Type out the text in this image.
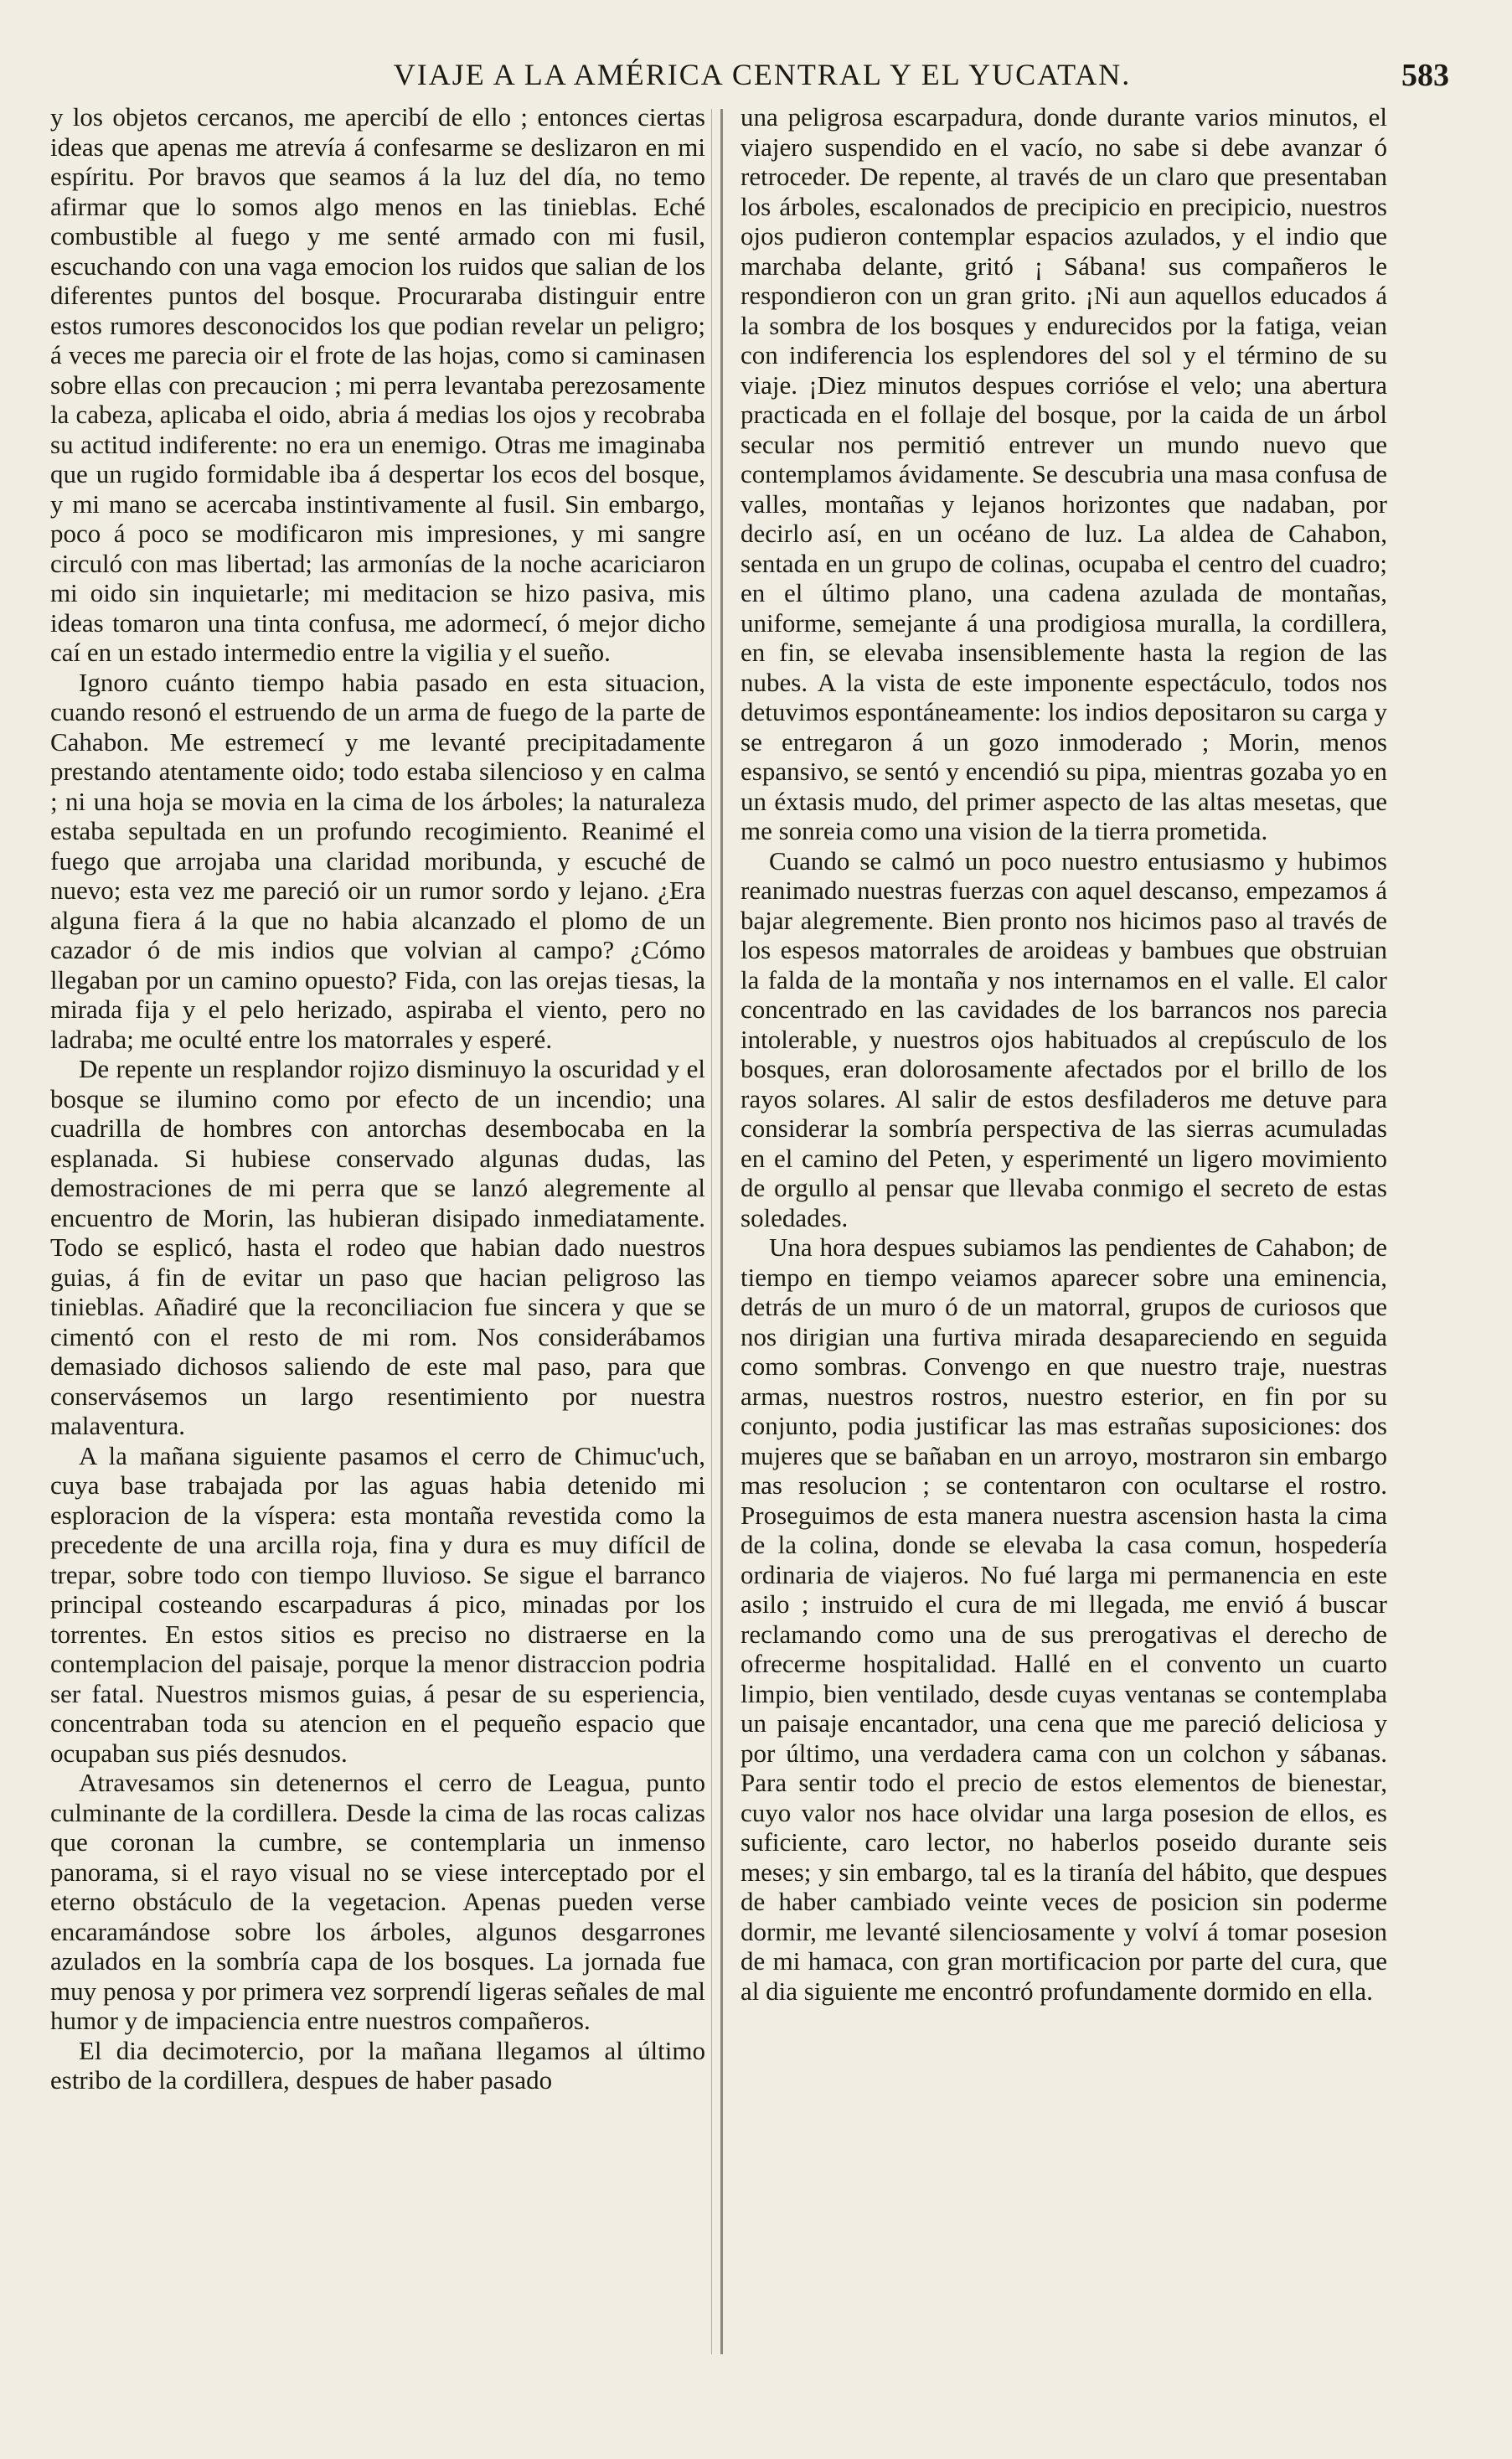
VIAJE A LA AMÉRICA CENTRAL Y EL YUCATAN.	583

y los objetos cercanos, me apercibí de ello ; entonces ciertas ideas que apenas me atrevía á confesarme se deslizaron en mi espíritu. Por bravos que seamos á la luz del día, no temo afirmar que lo somos algo menos en las tinieblas. Eché combustible al fuego y me senté armado con mi fusil, escuchando con una vaga emocion los ruidos que salian de los diferentes puntos del bosque. Procuraraba distinguir entre estos rumores desconocidos los que podian revelar un peligro; á veces me parecia oir el frote de las hojas, como si caminasen sobre ellas con precaucion ; mi perra levantaba perezosamente la cabeza, aplicaba el oido, abria á medias los ojos y recobraba su actitud indiferente: no era un enemigo. Otras me imaginaba que un rugido formidable iba á despertar los ecos del bosque, y mi mano se acercaba instintivamente al fusil. Sin embargo, poco á poco se modificaron mis impresiones, y mi sangre circuló con mas libertad; las armonías de la noche acariciaron mi oido sin inquietarle; mi meditacion se hizo pasiva, mis ideas tomaron una tinta confusa, me adormecí, ó mejor dicho caí en un estado intermedio entre la vigilia y el sueño.

Ignoro cuánto tiempo habia pasado en esta situacion, cuando resonó el estruendo de un arma de fuego de la parte de Cahabon. Me estremecí y me levanté precipitadamente prestando atentamente oido; todo estaba silencioso y en calma ; ni una hoja se movia en la cima de los árboles; la naturaleza estaba sepultada en un profundo recogimiento. Reanimé el fuego que arrojaba una claridad moribunda, y escuché de nuevo; esta vez me pareció oir un rumor sordo y lejano. ¿Era alguna fiera á la que no habia alcanzado el plomo de un cazador ó de mis indios que volvian al campo? ¿Cómo llegaban por un camino opuesto? Fida, con las orejas tiesas, la mirada fija y el pelo herizado, aspiraba el viento, pero no ladraba; me oculté entre los matorrales y esperé.

De repente un resplandor rojizo disminuyo la oscuridad y el bosque se ilumino como por efecto de un incendio; una cuadrilla de hombres con antorchas desembocaba en la esplanada. Si hubiese conservado algunas dudas, las demostraciones de mi perra que se lanzó alegremente al encuentro de Morin, las hubieran disipado inmediatamente. Todo se esplicó, hasta el rodeo que habian dado nuestros guias, á fin de evitar un paso que hacian peligroso las tinieblas. Añadiré que la reconciliacion fue sincera y que se cimentó con el resto de mi rom. Nos considerábamos demasiado dichosos saliendo de este mal paso, para que conservásemos un largo resentimiento por nuestra malaventura.

A la mañana siguiente pasamos el cerro de Chimuc'uch, cuya base trabajada por las aguas habia detenido mi esploracion de la víspera: esta montaña revestida como la precedente de una arcilla roja, fina y dura es muy difícil de trepar, sobre todo con tiempo lluvioso. Se sigue el barranco principal costeando escarpaduras á pico, minadas por los torrentes. En estos sitios es preciso no distraerse en la contemplacion del paisaje, porque la menor distraccion podria ser fatal. Nuestros mismos guias, á pesar de su esperiencia, concentraban toda su atencion en el pequeño espacio que ocupaban sus piés desnudos.

Atravesamos sin detenernos el cerro de Leagua, punto culminante de la cordillera. Desde la cima de las rocas calizas que coronan la cumbre, se contemplaria un inmenso panorama, si el rayo visual no se viese interceptado por el eterno obstáculo de la vegetacion. Apenas pueden verse encaramándose sobre los árboles, algunos desgarrones azulados en la sombría capa de los bosques. La jornada fue muy penosa y por primera vez sorprendí ligeras señales de mal humor y de impaciencia entre nuestros compañeros.

El dia decimotercio, por la mañana llegamos al último estribo de la cordillera, despues de haber pasado

una peligrosa escarpadura, donde durante varios minutos, el viajero suspendido en el vacío, no sabe si debe avanzar ó retroceder. De repente, al través de un claro que presentaban los árboles, escalonados de precipicio en precipicio, nuestros ojos pudieron contemplar espacios azulados, y el indio que marchaba delante, gritó ¡ Sábana! sus compañeros le respondieron con un gran grito. ¡Ni aun aquellos educados á la sombra de los bosques y endurecidos por la fatiga, veian con indiferencia los esplendores del sol y el término de su viaje. ¡Diez minutos despues corrióse el velo; una abertura practicada en el follaje del bosque, por la caida de un árbol secular nos permitió entrever un mundo nuevo que contemplamos ávidamente. Se descubria una masa confusa de valles, montañas y lejanos horizontes que nadaban, por decirlo así, en un océano de luz. La aldea de Cahabon, sentada en un grupo de colinas, ocupaba el centro del cuadro; en el último plano, una cadena azulada de montañas, uniforme, semejante á una prodigiosa muralla, la cordillera, en fin, se elevaba insensiblemente hasta la region de las nubes. A la vista de este imponente espectáculo, todos nos detuvimos espontáneamente: los indios depositaron su carga y se entregaron á un gozo inmoderado ; Morin, menos espansivo, se sentó y encendió su pipa, mientras gozaba yo en un éxtasis mudo, del primer aspecto de las altas mesetas, que me sonreia como una vision de la tierra prometida.

Cuando se calmó un poco nuestro entusiasmo y hubimos reanimado nuestras fuerzas con aquel descanso, empezamos á bajar alegremente. Bien pronto nos hicimos paso al través de los espesos matorrales de aroideas y bambues que obstruian la falda de la montaña y nos internamos en el valle. El calor concentrado en las cavidades de los barrancos nos parecia intolerable, y nuestros ojos habituados al crepúsculo de los bosques, eran dolorosamente afectados por el brillo de los rayos solares. Al salir de estos desfiladeros me detuve para considerar la sombría perspectiva de las sierras acumuladas en el camino del Peten, y esperimenté un ligero movimiento de orgullo al pensar que llevaba conmigo el secreto de estas soledades.

Una hora despues subiamos las pendientes de Cahabon; de tiempo en tiempo veiamos aparecer sobre una eminencia, detrás de un muro ó de un matorral, grupos de curiosos que nos dirigian una furtiva mirada desapareciendo en seguida como sombras. Convengo en que nuestro traje, nuestras armas, nuestros rostros, nuestro esterior, en fin por su conjunto, podia justificar las mas estrañas suposiciones: dos mujeres que se bañaban en un arroyo, mostraron sin embargo mas resolucion ; se contentaron con ocultarse el rostro. Proseguimos de esta manera nuestra ascension hasta la cima de la colina, donde se elevaba la casa comun, hospedería ordinaria de viajeros. No fué larga mi permanencia en este asilo ; instruido el cura de mi llegada, me envió á buscar reclamando como una de sus prerogativas el derecho de ofrecerme hospitalidad. Hallé en el convento un cuarto limpio, bien ventilado, desde cuyas ventanas se contemplaba un paisaje encantador, una cena que me pareció deliciosa y por último, una verdadera cama con un colchon y sábanas. Para sentir todo el precio de estos elementos de bienestar, cuyo valor nos hace olvidar una larga posesion de ellos, es suficiente, caro lector, no haberlos poseido durante seis meses; y sin embargo, tal es la tiranía del hábito, que despues de haber cambiado veinte veces de posicion sin poderme dormir, me levanté silenciosamente y volví á tomar posesion de mi hamaca, con gran mortificacion por parte del cura, que al dia siguiente me encontró profundamente dormido en ella.
